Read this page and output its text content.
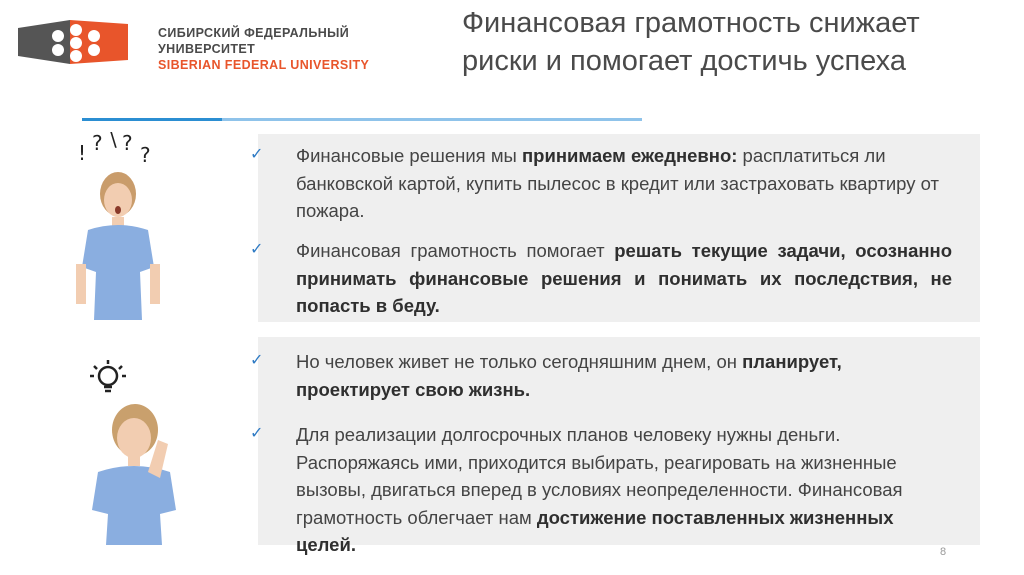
СИБИРСКИЙ ФЕДЕРАЛЬНЫЙ УНИВЕРСИТЕТ
SIBERIAN FEDERAL UNIVERSITY
Финансовая грамотность снижает
риски и помогает достичь успеха
! ? \ ? ?	✓ Финансовые решения мы принимаем ежедневно: расплатиться ли банковской картой, купить пылесос в кредит или застраховать квартиру от пожара.
✓ Финансовая грамотность помогает решать текущие задачи, осознанно принимать финансовые решения и понимать их последствия, не попасть в беду.
✓ Но человек живет не только сегодняшним днем, он планирует, проектирует свою жизнь.
✓ Для реализации долгосрочных планов человеку нужны деньги. Распоряжаясь ими, приходится выбирать, реагировать на жизненные вызовы, двигаться вперед в условиях неопределенности. Финансовая грамотность облегчает нам достижение поставленных жизненных целей.	8
